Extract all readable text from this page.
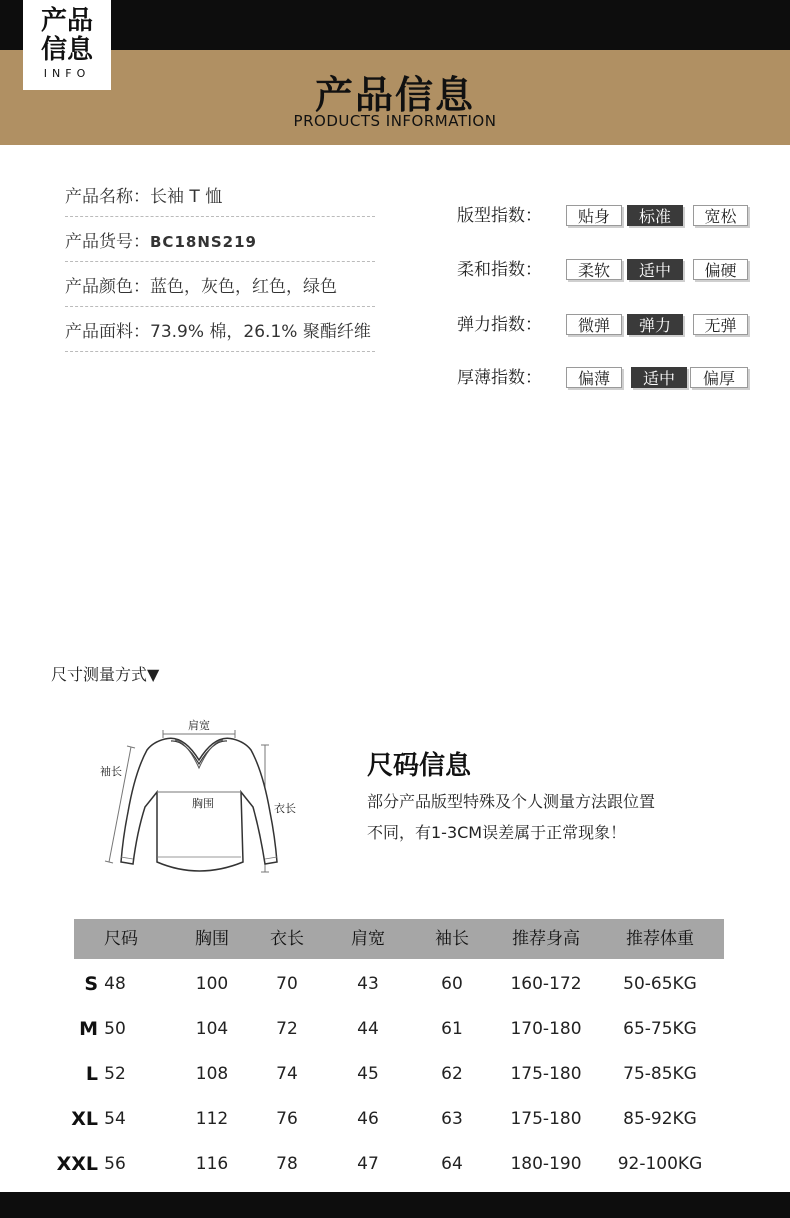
产品
信息
INFO	产品信息
PRODUCTS INFORMATION
产品名称：长袖 T 恤
产品货号：BC18NS219
产品颜色：蓝色，灰色，红色，绿色
产品面料：73.9% 棉，26.1% 聚酯纤维
版型指数：	贴身	标准	宽松
柔和指数：	柔软	适中	偏硬
弹力指数：	微弹	弹力	无弹
厚薄指数：	偏薄	适中	偏厚
尺寸测量方式▼
肩宽
袖长
胸围	衣长
尺码信息
部分产品版型特殊及个人测量方法跟位置
不同，有1-3CM误差属于正常现象！
尺码	胸围	衣长	肩宽	袖长	推荐身高	推荐体重
S 48	100	70	43	60	160-172	50-65KG
M 50	104	72	44	61	170-180	65-75KG
L 52	108	74	45	62	175-180	75-85KG
XL 54	112	76	46	63	175-180	85-92KG
XXL 56	116	78	47	64	180-190	92-100KG
